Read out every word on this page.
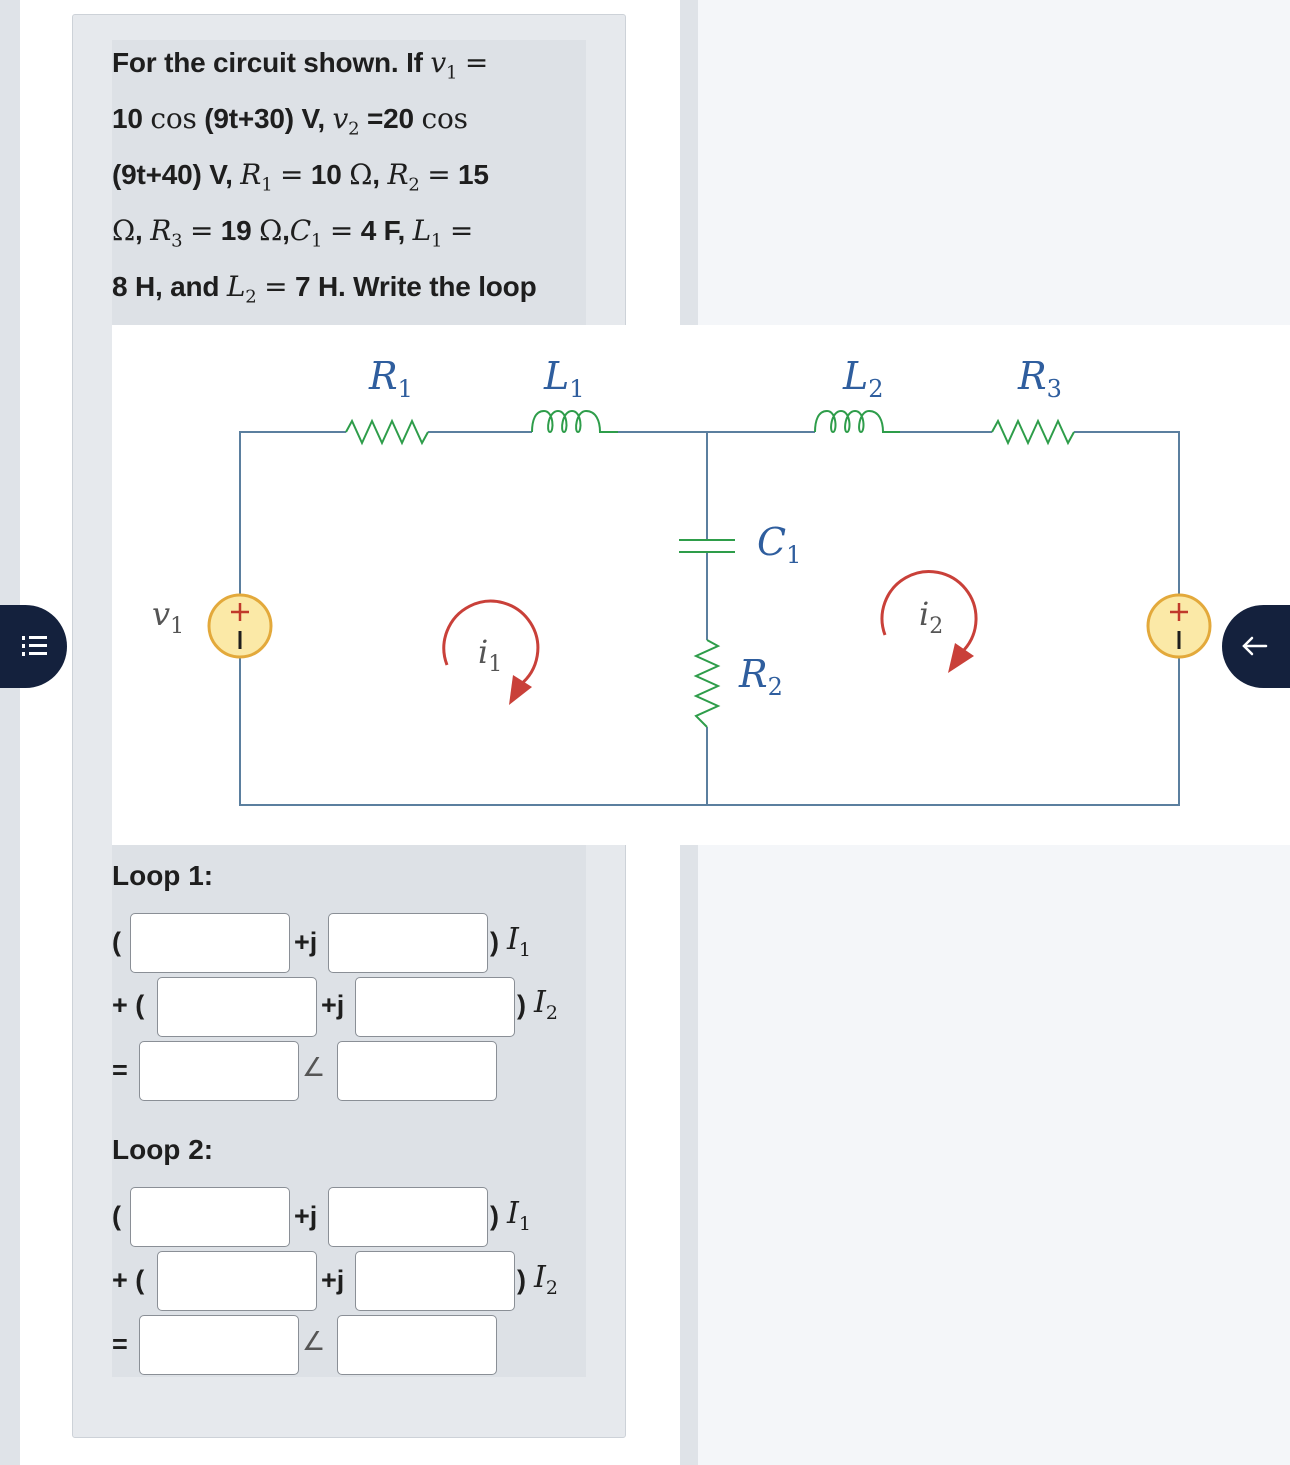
For the circuit shown. If $v_1$ =
10 cos (9t+30) V, $v_2 =20$ cos
(9t+40) V, $R_1 = 10$ Ω, $R_2 = 15$
Ω, $R_3 = 19$ $\Omega,C_1 = 4$ F, $L_1$ =
8 H, and $L_2 = 7$ H. Write the loop
$R_1$	$L_1$	$L_2$	$R_3$
$C_1$
$R_2$
$v_1$
$i_1$
$i_2$
Loop 1:
(	+j	) $I_1$
+ (	+j	) $I_2$
=	∠
Loop 2:
(	+j	) $I_1$
+ (	+j	) $I_2$
=	∠
